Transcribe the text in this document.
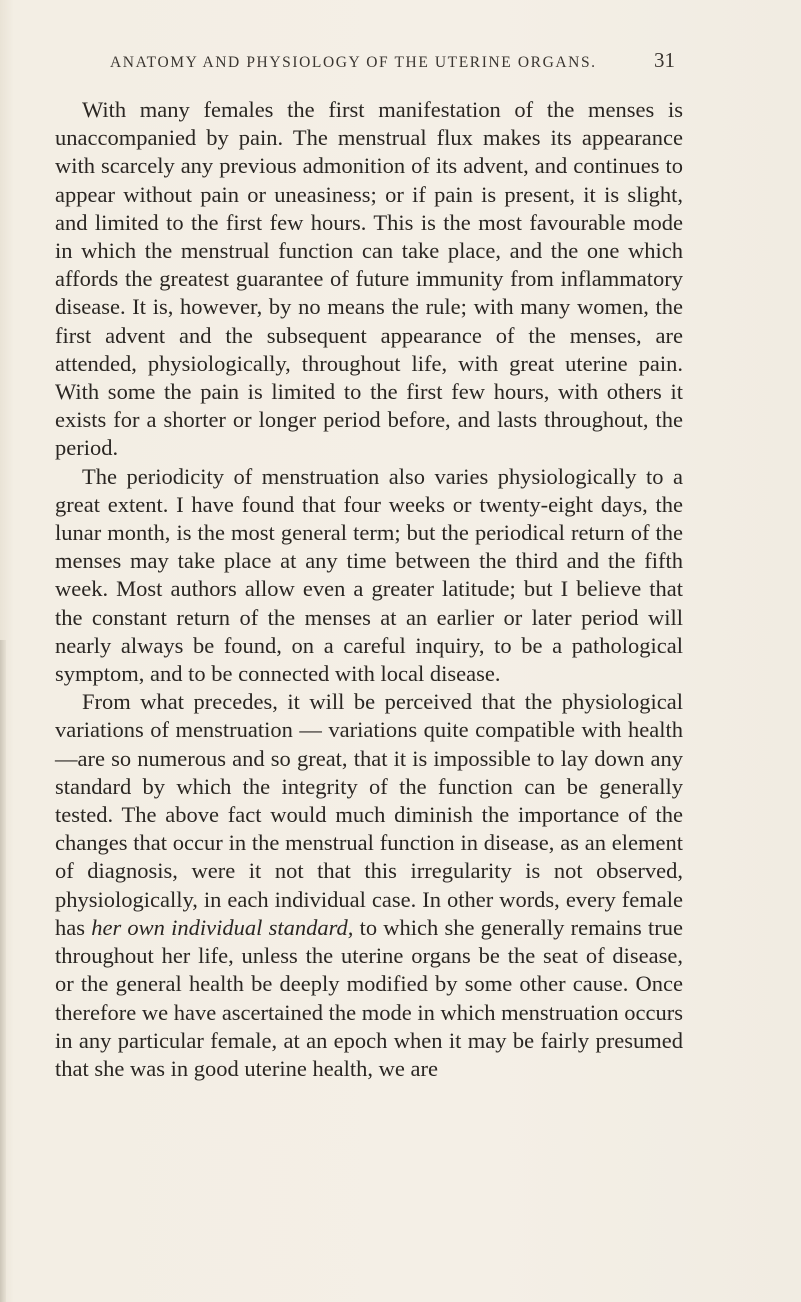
ANATOMY AND PHYSIOLOGY OF THE UTERINE ORGANS.	31

With many females the first manifestation of the menses is unaccompanied by pain. The menstrual flux makes its appearance with scarcely any previous admonition of its advent, and continues to appear without pain or uneasiness; or if pain is present, it is slight, and limited to the first few hours. This is the most favourable mode in which the menstrual function can take place, and the one which affords the greatest guarantee of future immunity from inflammatory disease. It is, however, by no means the rule; with many women, the first advent and the subsequent appearance of the menses, are attended, physiologically, throughout life, with great uterine pain. With some the pain is limited to the first few hours, with others it exists for a shorter or longer period before, and lasts throughout, the period.

The periodicity of menstruation also varies physiologically to a great extent. I have found that four weeks or twenty-eight days, the lunar month, is the most general term; but the periodical return of the menses may take place at any time between the third and the fifth week. Most authors allow even a greater latitude; but I believe that the constant return of the menses at an earlier or later period will nearly always be found, on a careful inquiry, to be a pathological symptom, and to be connected with local disease.

From what precedes, it will be perceived that the physiological variations of menstruation — variations quite compatible with health—are so numerous and so great, that it is impossible to lay down any standard by which the integrity of the function can be generally tested. The above fact would much diminish the importance of the changes that occur in the menstrual function in disease, as an element of diagnosis, were it not that this irregularity is not observed, physiologically, in each individual case. In other words, every female has her own individual standard, to which she generally remains true throughout her life, unless the uterine organs be the seat of disease, or the general health be deeply modified by some other cause. Once therefore we have ascertained the mode in which menstruation occurs in any particular female, at an epoch when it may be fairly presumed that she was in good uterine health, we are
